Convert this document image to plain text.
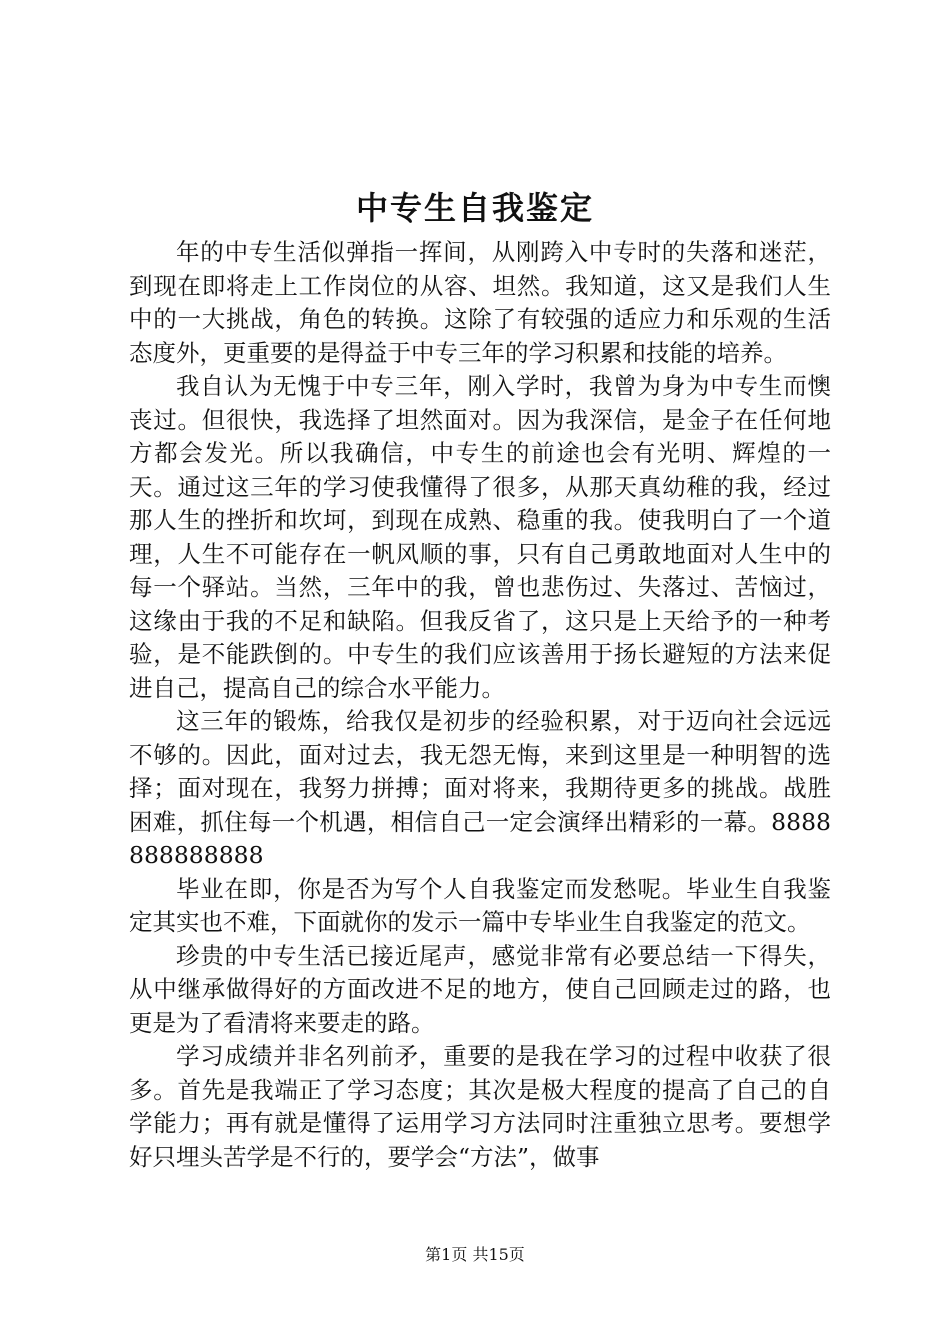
中专生自我鉴定

年的中专生活似弹指一挥间，从刚跨入中专时的失落和迷茫，到现在即将走上工作岗位的从容、坦然。我知道，这又是我们人生中的一大挑战，角色的转换。这除了有较强的适应力和乐观的生活态度外，更重要的是得益于中专三年的学习积累和技能的培养。

我自认为无愧于中专三年，刚入学时，我曾为身为中专生而懊丧过。但很快，我选择了坦然面对。因为我深信，是金子在任何地方都会发光。所以我确信，中专生的前途也会有光明、辉煌的一天。通过这三年的学习使我懂得了很多，从那天真幼稚的我，经过那人生的挫折和坎坷，到现在成熟、稳重的我。使我明白了一个道理，人生不可能存在一帆风顺的事，只有自己勇敢地面对人生中的每一个驿站。当然，三年中的我，曾也悲伤过、失落过、苦恼过，这缘由于我的不足和缺陷。但我反省了，这只是上天给予的一种考验，是不能跌倒的。中专生的我们应该善用于扬长避短的方法来促进自己，提高自己的综合水平能力。

这三年的锻炼，给我仅是初步的经验积累，对于迈向社会远远不够的。因此，面对过去，我无怨无悔，来到这里是一种明智的选择；面对现在，我努力拼搏；面对将来，我期待更多的挑战。战胜困难，抓住每一个机遇，相信自己一定会演绎出精彩的一幕。8888888888888

毕业在即，你是否为写个人自我鉴定而发愁呢。毕业生自我鉴定其实也不难，下面就你的发示一篇中专毕业生自我鉴定的范文。

珍贵的中专生活已接近尾声，感觉非常有必要总结一下得失，从中继承做得好的方面改进不足的地方，使自己回顾走过的路，也更是为了看清将来要走的路。

学习成绩并非名列前矛，重要的是我在学习的过程中收获了很多。首先是我端正了学习态度；其次是极大程度的提高了自己的自学能力；再有就是懂得了运用学习方法同时注重独立思考。要想学好只埋头苦学是不行的，要学会“方法”，做事

第1页 共15页
